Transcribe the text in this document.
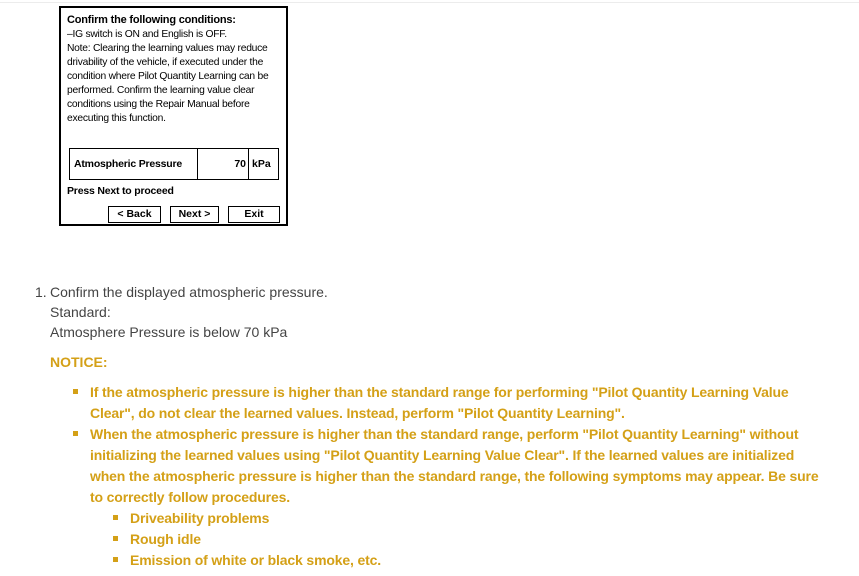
Confirm the following conditions:
–IG switch is ON and English is OFF.
Note: Clearing the learning values may reduce
drivability of the vehicle, if executed under the
condition where Pilot Quantity Learning can be
performed. Confirm the learning value clear
conditions using the Repair Manual before
executing this function.
Atmospheric Pressure	70 kPa
Press Next to proceed
< Back	Next >	Exit
1. Confirm the displayed atmospheric pressure.
Standard:
Atmosphere Pressure is below 70 kPa
NOTICE:
If the atmospheric pressure is higher than the standard range for performing "Pilot Quantity Learning Value
Clear", do not clear the learned values. Instead, perform "Pilot Quantity Learning".
When the atmospheric pressure is higher than the standard range, perform "Pilot Quantity Learning" without
initializing the learned values using "Pilot Quantity Learning Value Clear". If the learned values are initialized
when the atmospheric pressure is higher than the standard range, the following symptoms may appear. Be sure
to correctly follow procedures.
Driveability problems
Rough idle
Emission of white or black smoke, etc.
